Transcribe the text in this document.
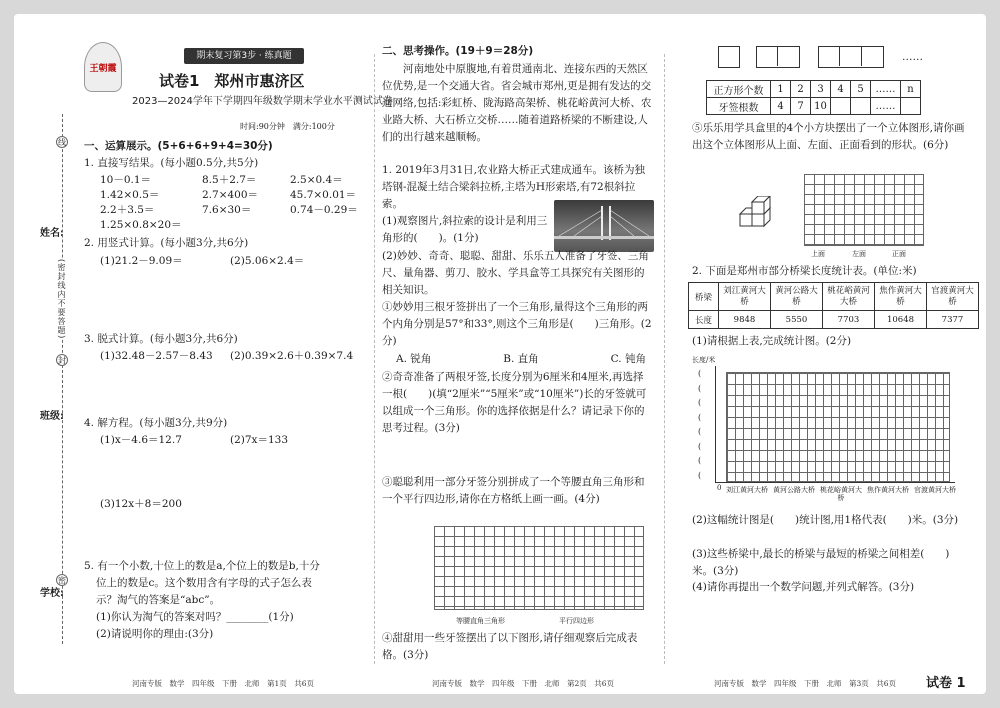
姓名:
班级:
学校:
(密封线内不要答题)
线
封
密
王朝霞
期末复习第3步 · 练真题
试卷1　郑州市惠济区
2023—2024学年下学期四年级数学期末学业水平测试试卷
时间:90分钟　满分:100分
一、运算展示。(5+6+6+9+4=30分)
1. 直接写结果。(每小题0.5分,共5分)
10－0.1＝	8.5＋2.7＝	2.5×0.4＝
1.42×0.5＝	2.7×400＝	45.7×0.01＝
2.2＋3.5＝	7.6×30＝	0.74－0.29＝
1.25×0.8×20＝
2. 用竖式计算。(每小题3分,共6分)
(1)21.2－9.09＝	(2)5.06×2.4＝
3. 脱式计算。(每小题3分,共6分)
(1)32.48－2.57－8.43 (2)0.39×2.6＋0.39×7.4
4. 解方程。(每小题3分,共9分)
(1)x－4.6＝12.7	(2)7x＝133
(3)12x＋8＝200
5. 有一个小数,十位上的数是a,个位上的数是b,十分
位上的数是c。这个数用含有字母的式子怎么表
示？淘气的答案是“abc”。
(1)你认为淘气的答案对吗？________(1分)
(2)请说明你的理由:(3分)
河南专版　数学　四年级　下册　北师　第1页　共6页
二、思考操作。(19＋9＝28分)
河南地处中原腹地,有着贯通南北、连接东西的天然区位优势,是一个交通大省。省会城市郑州,更是拥有发达的交通网络,包括:彩虹桥、陇海路高架桥、桃花峪黄河大桥、农业路大桥、大石桥立交桥……随着道路桥梁的不断建设,人们的出行越来越顺畅。
1. 2019年3月31日,农业路大桥正式建成通车。该桥为独塔钢-混凝土结合梁斜拉桥,主塔为H形索塔,有72根斜拉索。
(1)观察图片,斜拉索的设计是利用三角形的(　　)。(1分)
(2)妙妙、奇奇、聪聪、甜甜、乐乐五人准备了牙签、三角尺、量角器、剪刀、胶水、学具盒等工具探究有关图形的相关知识。
①妙妙用三根牙签拼出了一个三角形,量得这个三角形的两个内角分别是57°和33°,则这个三角形是(　　)三角形。(2分)
A. 锐角	B. 直角	C. 钝角
②奇奇准备了两根牙签,长度分别为6厘米和4厘米,再选择一根(　　)(填“2厘米”“5厘米”或“10厘米”)长的牙签就可以组成一个三角形。你的选择依据是什么？请记录下你的思考过程。(3分)
③聪聪利用一部分牙签分别拼成了一个等腰直角三角形和一个平行四边形,请你在方格纸上画一画。(4分)
等腰直角三角形	平行四边形
④甜甜用一些牙签摆出了以下图形,请仔细观察后完成表格。(3分)
河南专版　数学　四年级　下册　北师　第2页　共6页
……
正方形个数	1	2	3	4	5	……	n
牙签根数	4	7	10			……	
⑤乐乐用学具盒里的4个小方块摆出了一个立体图形,请你画出这个立体图形从上面、左面、正面看到的形状。(6分)
上面	左面	正面
2. 下面是郑州市部分桥梁长度统计表。(单位:米)
桥梁	刘江黄河大桥	黄河公路大桥	桃花峪黄河大桥	焦作黄河大桥	官渡黄河大桥
长度	9848	5550	7703	10648	7377
(1)请根据上表,完成统计图。(2分)
长度/米
(
(
(
(
(
(
(
(
0 刘江黄河大桥 黄河公路大桥 桃花峪黄河大桥
焦作黄河大桥 官渡黄河大桥
(2)这幅统计图是(　　)统计图,用1格代表(　　)米。(3分)
(3)这些桥梁中,最长的桥梁与最短的桥梁之间相差(　　)米。(3分)
(4)请你再提出一个数学问题,并列式解答。(3分)
河南专版　数学　四年级　下册　北师　第3页　共6页 试卷 1
